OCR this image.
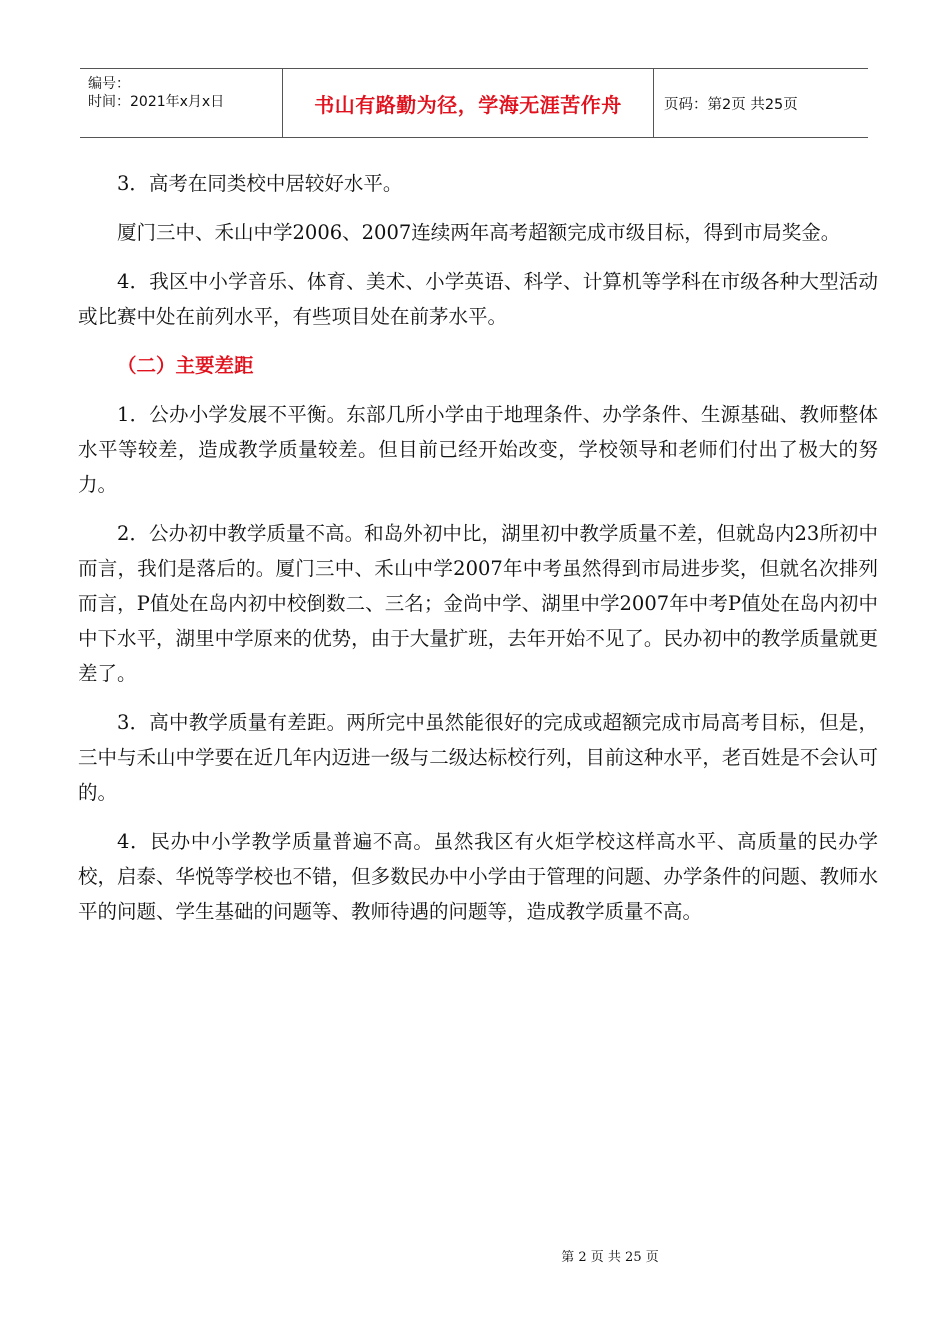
编号：
时间：2021年x月x日	书山有路勤为径，学海无涯苦作舟	页码：第2页 共25页

3．高考在同类校中居较好水平。

厦门三中、禾山中学2006、2007连续两年高考超额完成市级目标，得到市局奖金。

4．我区中小学音乐、体育、美术、小学英语、科学、计算机等学科在市级各种大型活动或比赛中处在前列水平，有些项目处在前茅水平。

（二）主要差距

1．公办小学发展不平衡。东部几所小学由于地理条件、办学条件、生源基础、教师整体水平等较差，造成教学质量较差。但目前已经开始改变，学校领导和老师们付出了极大的努力。

2．公办初中教学质量不高。和岛外初中比，湖里初中教学质量不差，但就岛内23所初中而言，我们是落后的。厦门三中、禾山中学2007年中考虽然得到市局进步奖，但就名次排列而言，P值处在岛内初中校倒数二、三名；金尚中学、湖里中学2007年中考P值处在岛内初中中下水平，湖里中学原来的优势，由于大量扩班，去年开始不见了。民办初中的教学质量就更差了。

3．高中教学质量有差距。两所完中虽然能很好的完成或超额完成市局高考目标，但是，三中与禾山中学要在近几年内迈进一级与二级达标校行列，目前这种水平，老百姓是不会认可的。

4．民办中小学教学质量普遍不高。虽然我区有火炬学校这样高水平、高质量的民办学校，启泰、华悦等学校也不错，但多数民办中小学由于管理的问题、办学条件的问题、教师水平的问题、学生基础的问题等、教师待遇的问题等，造成教学质量不高。

第 2 页 共 25 页
